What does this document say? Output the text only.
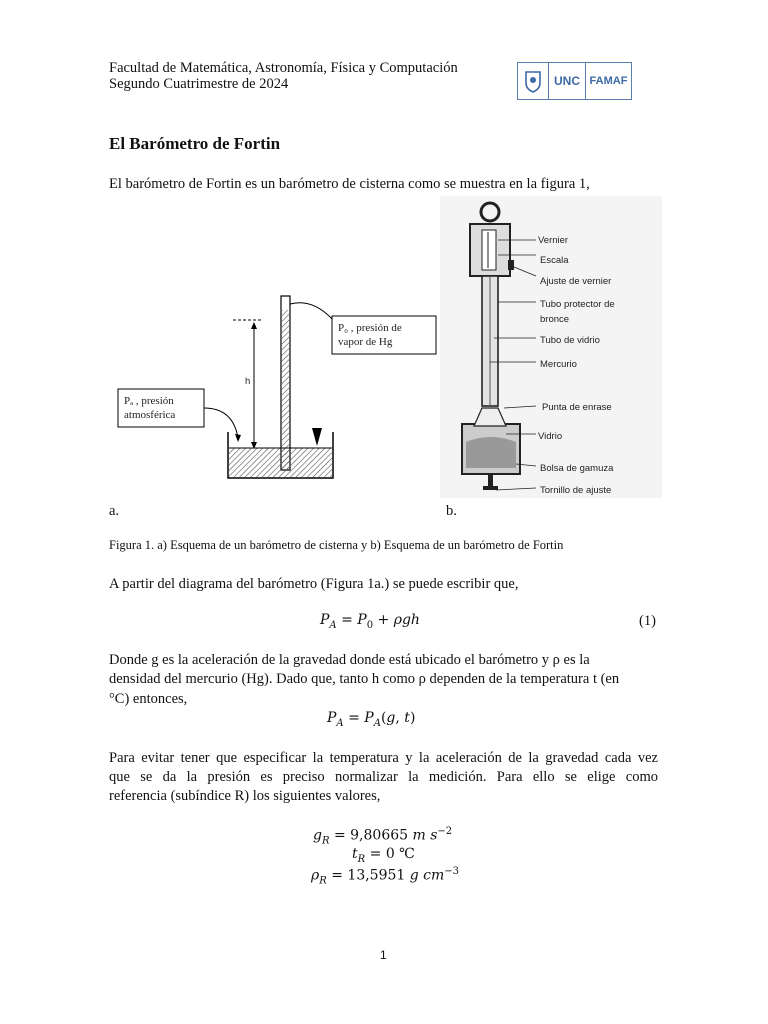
Facultad de Matemática, Astronomía, Física y Computación
Segundo Cuatrimestre de 2024	UNC FAMAF
El Barómetro de Fortin
El barómetro de Fortin es un barómetro de cisterna como se muestra en la figura 1,
h
P₀ , presión de
vapor de Hg
Pₐ , presión
atmosférica
a.
Vernier
Escala
Ajuste de vernier
Tubo protector de
bronce
Tubo de vidrio
Mercurio
Punta de enrase
Vidrio
Bolsa de gamuza
Tornillo de ajuste
b.
Figura 1. a) Esquema de un barómetro de cisterna y b) Esquema de un barómetro de Fortin
A partir del diagrama del barómetro (Figura 1a.) se puede escribir que,
$P_A = P_0 + \rho gh$	(1)
Donde g es la aceleración de la gravedad donde está ubicado el barómetro y ρ es la
densidad del mercurio (Hg). Dado que, tanto h como ρ dependen de la temperatura t (en
°C) entonces,
$P_A = P_A(g$, t)
Para evitar tener que especificar la temperatura y la aceleración de la gravedad cada vez
que se da la presión es preciso normalizar la medición. Para ello se elige como
referencia (subíndice R) los siguientes valores,
$g_R = 9,80665$ m $s^{-2}$
$t_R = 0$ ℃
$\rho_R = 13,5951$ g $cm^{-3}$
1
